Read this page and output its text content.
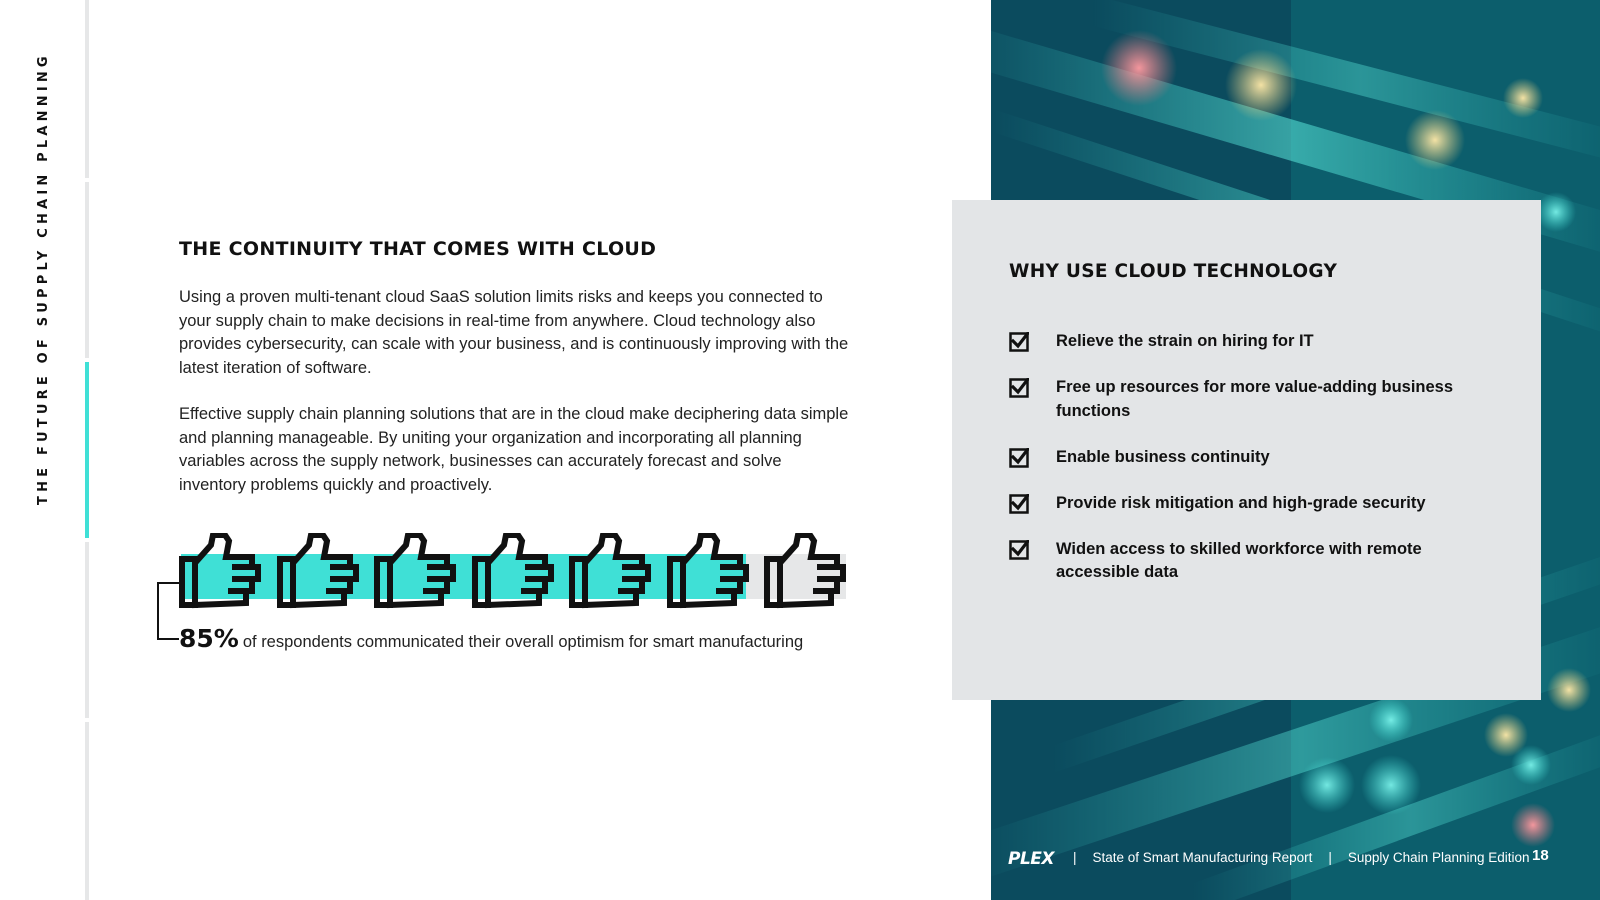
THE FUTURE OF SUPPLY CHAIN PLANNING	THE CONTINUITY THAT COMES WITH CLOUD

Using a proven multi-tenant cloud SaaS solution limits risks and keeps you connected to your supply chain to make decisions in real-time from anywhere. Cloud technology also provides cybersecurity, can scale with your business, and is continuously improving with the latest iteration of software.

Effective supply chain planning solutions that are in the cloud make deciphering data simple and planning manageable. By uniting your organization and incorporating all planning variables across the supply network, businesses can accurately forecast and solve inventory problems quickly and proactively.

85% of respondents communicated their overall optimism for smart manufacturing

WHY USE CLOUD TECHNOLOGY
Relieve the strain on hiring for IT
Free up resources for more value-adding business functions
Enable business continuity
Provide risk mitigation and high-grade security
Widen access to skilled workforce with remote accessible data
PLEX | State of Smart Manufacturing Report | Supply Chain Planning Edition 18
